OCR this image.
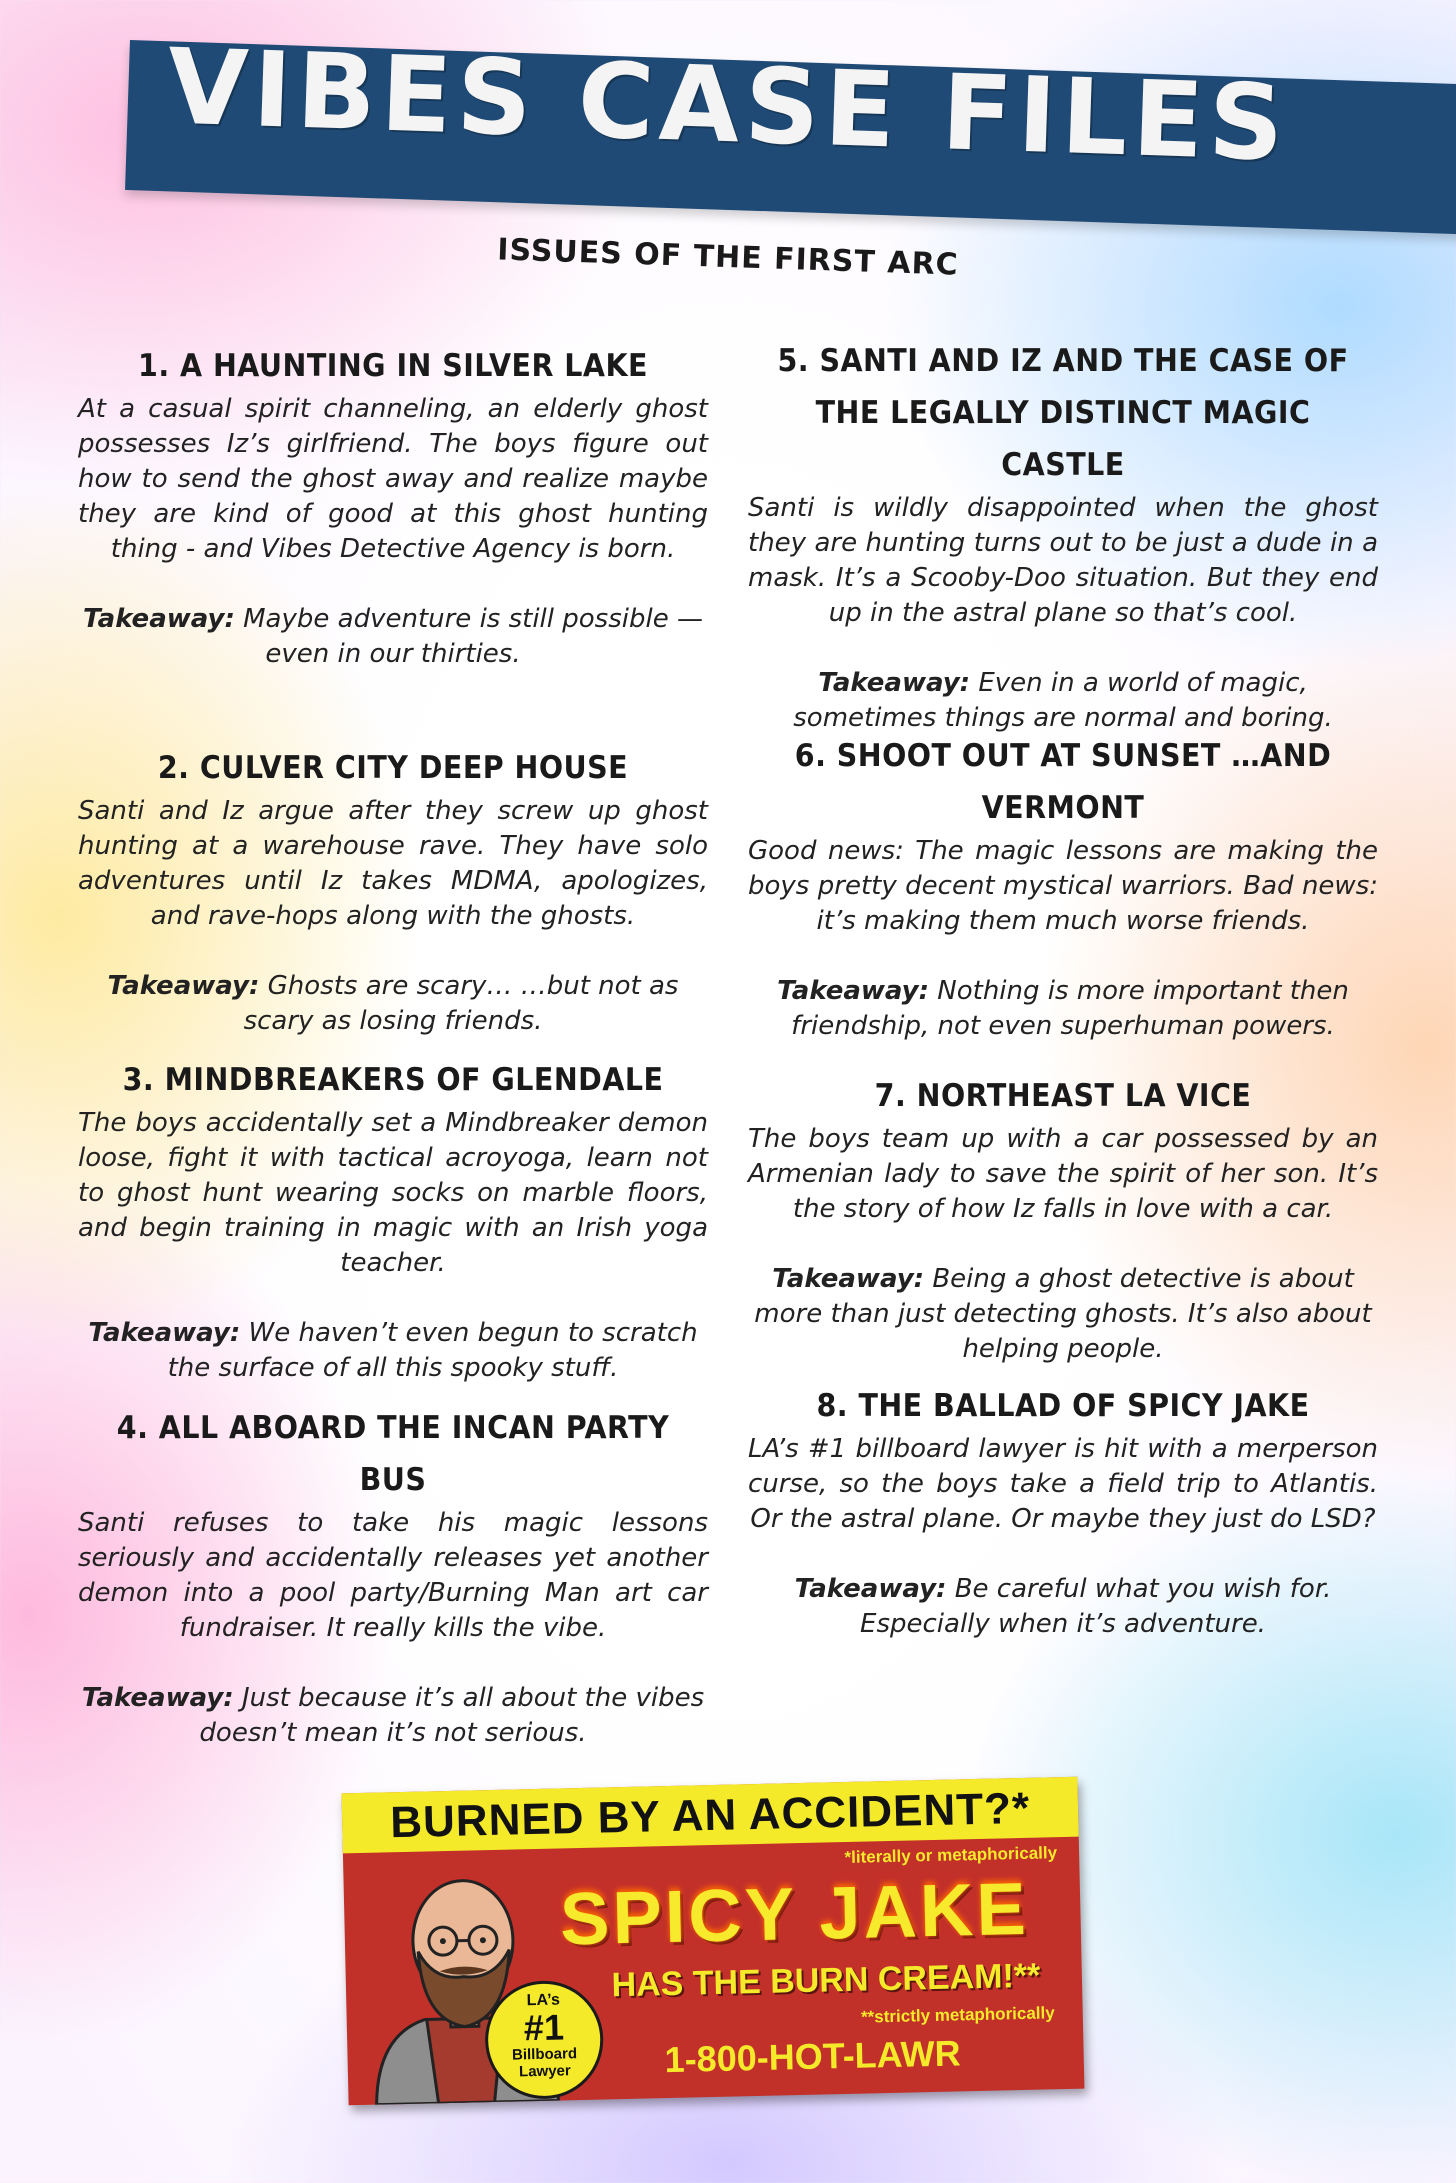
VIBES CASE FILES
ISSUES OF THE FIRST ARC

1. A HAUNTING IN SILVER LAKE

At a casual spirit channeling, an elderly ghost possesses Iz’s girlfriend. The boys figure out how to send the ghost away and realize maybe they are kind of good at this ghost hunting thing - and Vibes Detective Agency is born.

Takeaway: Maybe adventure is still possible — even in our thirties.

2. CULVER CITY DEEP HOUSE

Santi and Iz argue after they screw up ghost hunting at a warehouse rave. They have solo adventures until Iz takes MDMA, apologizes, and rave-hops along with the ghosts.

Takeaway: Ghosts are scary… …but not as scary as losing friends.

3. MINDBREAKERS OF GLENDALE

The boys accidentally set a Mindbreaker demon loose, fight it with tactical acroyoga, learn not to ghost hunt wearing socks on marble floors, and begin training in magic with an Irish yoga teacher.

Takeaway: We haven’t even begun to scratch the surface of all this spooky stuff.

4. ALL ABOARD THE INCAN PARTY BUS

Santi refuses to take his magic lessons seriously and accidentally releases yet another demon into a pool party/Burning Man art car fundraiser. It really kills the vibe.

Takeaway: Just because it’s all about the vibes doesn’t mean it’s not serious.

5. SANTI AND IZ AND THE CASE OF THE LEGALLY DISTINCT MAGIC CASTLE

Santi is wildly disappointed when the ghost they are hunting turns out to be just a dude in a mask. It’s a Scooby-Doo situation. But they end up in the astral plane so that’s cool.

Takeaway: Even in a world of magic, sometimes things are normal and boring.

6. SHOOT OUT AT SUNSET …AND VERMONT

Good news: The magic lessons are making the boys pretty decent mystical warriors. Bad news: it’s making them much worse friends.

Takeaway: Nothing is more important then friendship, not even superhuman powers.

7. NORTHEAST LA VICE

The boys team up with a car possessed by an Armenian lady to save the spirit of her son. It’s the story of how Iz falls in love with a car.

Takeaway: Being a ghost detective is about more than just detecting ghosts. It’s also about helping people.

8. THE BALLAD OF SPICY JAKE

LA’s #1 billboard lawyer is hit with a merperson curse, so the boys take a field trip to Atlantis. Or the astral plane. Or maybe they just do LSD?

Takeaway: Be careful what you wish for. Especially when it’s adventure.

BURNED BY AN ACCIDENT?*

*literally or metaphorically

SPICY JAKE

HAS THE BURN CREAM!**

**strictly metaphorically

1-800-HOT-LAWR

LA’s
#1
Billboard
Lawyer
